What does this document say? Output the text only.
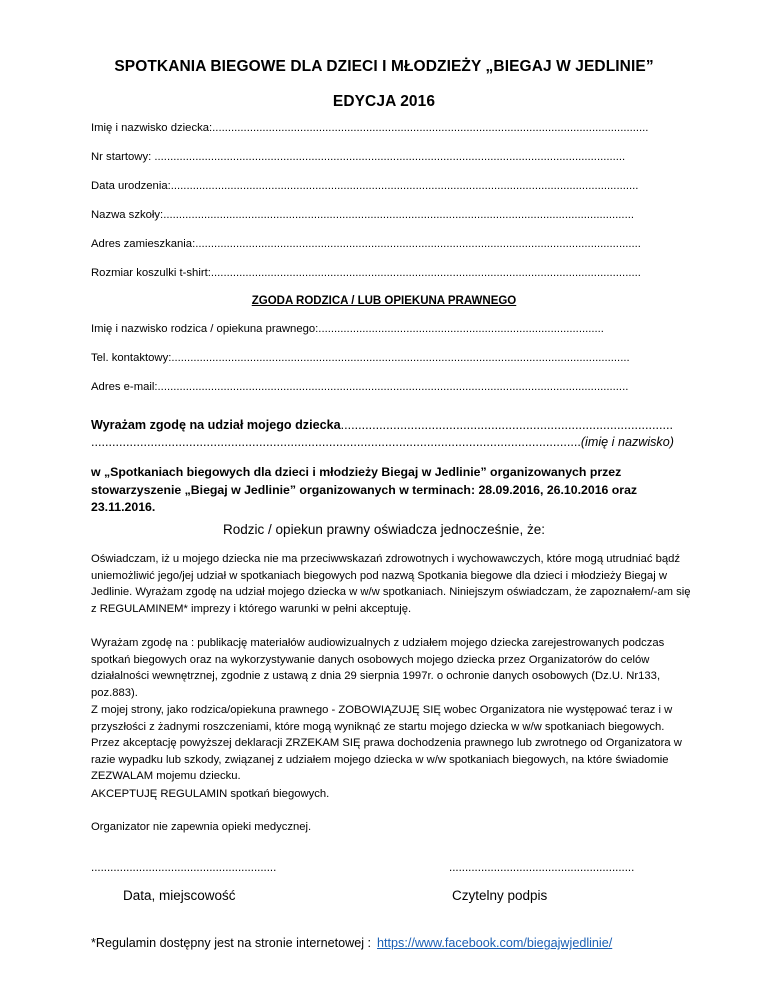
SPOTKANIA BIEGOWE DLA DZIECI I MŁODZIEŻY „BIEGAJ W JEDLINIE”
EDYCJA 2016
Imię i nazwisko dziecka:...........................................................................................................................................
Nr startowy: ......................................................................................................................................................
Data urodzenia:.....................................................................................................................................................
Nazwa szkoły:......................................................................................................................................................
Adres zamieszkania:..............................................................................................................................................
Rozmiar koszulki t-shirt:.........................................................................................................................................
ZGODA RODZICA / LUB OPIEKUNA PRAWNEGO
Imię i nazwisko rodzica / opiekuna prawnego:...........................................................................................
Tel. kontaktowy:..................................................................................................................................................
Adres e-mail:......................................................................................................................................................
Wyrażam zgodę na udział mojego dziecka...............................................................................................
............................................................................................................................................(imię i nazwisko)
w „Spotkaniach biegowych dla dzieci i młodzieży Biegaj w Jedlinie” organizowanych przez stowarzyszenie „Biegaj w Jedlinie” organizowanych w terminach: 28.09.2016, 26.10.2016 oraz 23.11.2016.
Rodzic / opiekun prawny oświadcza jednocześnie, że:
Oświadczam, iż u mojego dziecka nie ma przeciwwskazań zdrowotnych i wychowawczych, które mogą utrudniać bądź uniemożliwić jego/jej udział w spotkaniach biegowych pod nazwą Spotkania biegowe dla dzieci i młodzieży Biegaj w Jedlinie. Wyrażam zgodę na udział mojego dziecka w w/w spotkaniach. Niniejszym oświadczam, że zapoznałem/-am się z REGULAMINEM* imprezy i którego warunki w pełni akceptuję.
Wyrażam zgodę na : publikację materiałów audiowizualnych z udziałem mojego dziecka zarejestrowanych podczas spotkań biegowych oraz na wykorzystywanie danych osobowych mojego dziecka przez Organizatorów do celów działalności wewnętrznej, zgodnie z ustawą z dnia 29 sierpnia 1997r. o ochronie danych osobowych (Dz.U. Nr133, poz.883).
Z mojej strony, jako rodzica/opiekuna prawnego - ZOBOWIĄZUJĘ SIĘ wobec Organizatora nie występować teraz i w przyszłości z żadnymi roszczeniami, które mogą wyniknąć ze startu mojego dziecka w w/w spotkaniach biegowych. Przez akceptację powyższej deklaracji ZRZEKAM SIĘ prawa dochodzenia prawnego lub zwrotnego od Organizatora w razie wypadku lub szkody, związanej z udziałem mojego dziecka w w/w spotkaniach biegowych, na które świadomie ZEZWALAM mojemu dziecku.
AKCEPTUJĘ REGULAMIN spotkań biegowych.
Organizator nie zapewnia opieki medycznej.
..........................................................	..........................................................
Data, miejscowość	Czytelny podpis
*Regulamin dostępny jest na stronie internetowej : https://www.facebook.com/biegajwjedlinie/
